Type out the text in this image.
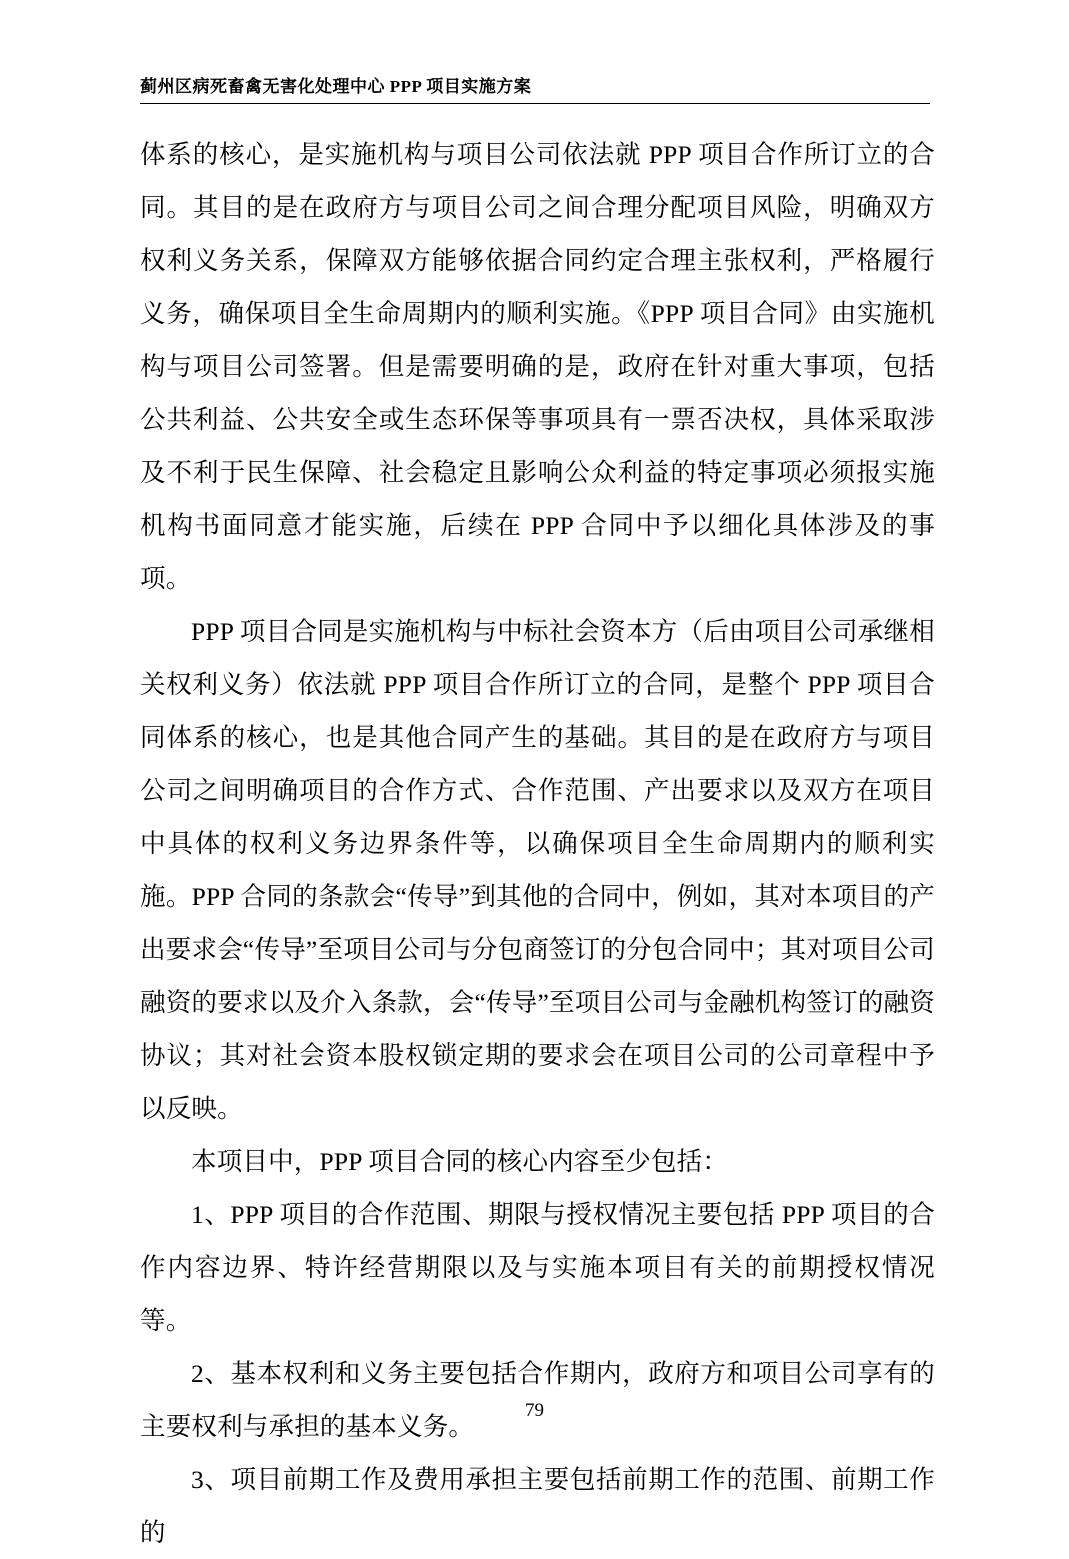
蓟州区病死畜禽无害化处理中心 PPP 项目实施方案

体系的核心，是实施机构与项目公司依法就 PPP 项目合作所订立的合同。其目的是在政府方与项目公司之间合理分配项目风险，明确双方权利义务关系，保障双方能够依据合同约定合理主张权利，严格履行义务，确保项目全生命周期内的顺利实施。《PPP 项目合同》由实施机构与项目公司签署。但是需要明确的是，政府在针对重大事项，包括公共利益、公共安全或生态环保等事项具有一票否决权，具体采取涉及不利于民生保障、社会稳定且影响公众利益的特定事项必须报实施机构书面同意才能实施，后续在 PPP 合同中予以细化具体涉及的事项。

PPP 项目合同是实施机构与中标社会资本方（后由项目公司承继相关权利义务）依法就 PPP 项目合作所订立的合同，是整个 PPP 项目合同体系的核心，也是其他合同产生的基础。其目的是在政府方与项目公司之间明确项目的合作方式、合作范围、产出要求以及双方在项目中具体的权利义务边界条件等，以确保项目全生命周期内的顺利实施。PPP 合同的条款会“传导”到其他的合同中，例如，其对本项目的产出要求会“传导”至项目公司与分包商签订的分包合同中；其对项目公司融资的要求以及介入条款，会“传导”至项目公司与金融机构签订的融资协议；其对社会资本股权锁定期的要求会在项目公司的公司章程中予以反映。

本项目中，PPP 项目合同的核心内容至少包括：

1、PPP 项目的合作范围、期限与授权情况主要包括 PPP 项目的合作内容边界、特许经营期限以及与实施本项目有关的前期授权情况等。

2、基本权利和义务主要包括合作期内，政府方和项目公司享有的主要权利与承担的基本义务。

3、项目前期工作及费用承担主要包括前期工作的范围、前期工作的

79
